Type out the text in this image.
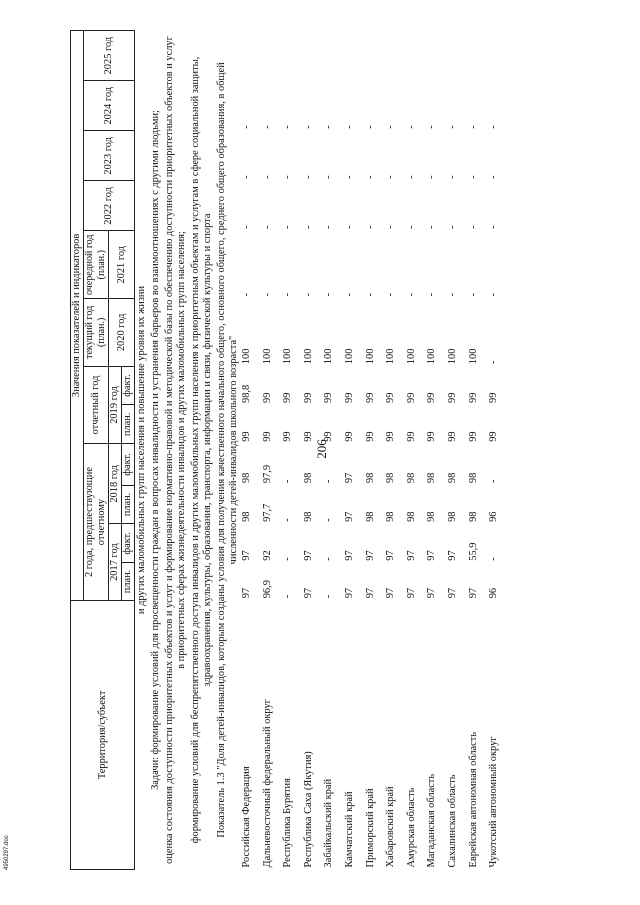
206
4950297.doc
Территория/субъект	Значения показателей и индикаторов											
	2 года, предшествующие отчетному				отчетный год		текущий год (план.)	очередной год (план.)	2022 год	2023 год	2024 год	2025 год
	2017 год		2018 год		2019 год		2020 год	2021 год				
	план.	факт.	план.	факт.	план.	факт.						
и других маломобильных групп населения и повышение уровня их жизни												
Задачи: формирование условий для просвещенности граждан в вопросах инвалидности и устранения барьеров во взаимоотношениях с другими людьми;												
оценка состояния доступности приоритетных объектов и услуг и формирование нормативно-правовой и методической базы по обеспечению доступности приоритетных объектов и услуг в приоритетных сферах жизнедеятельности инвалидов и других маломобильных групп населения;												
формирование условий для беспрепятственного доступа инвалидов и других маломобильных групп населения к приоритетным объектам и услугам в сфере социальной защиты, здравоохранения, культуры, образования, транспорта, информации и связи, физической культуры и спорта												
Показатель 1.3 "Доля детей-инвалидов, которым созданы условия для получения качественного начального общего, основного общего, среднего общего образования, в общей численности детей-инвалидов школьного возраста"												
Российская Федерация	97	97	98	98	99	98,8	100	-	-	-	-	
Дальневосточный федеральный округ	96,9	92	97,7	97,9	99	99	100	-	-	-	-	
Республика Бурятия	-	-	-	-	99	99	100	-	-	-	-	
Республика Саха (Якутия)	97	97	98	98	99	99	100	-	-	-	-	
Забайкальский край	-	-	-	-	99	99	100	-	-	-	-	
Камчатский край	97	97	97	97	99	99	100	-	-	-	-	
Приморский край	97	97	98	98	99	99	100	-	-	-	-	
Хабаровский край	97	97	98	98	99	99	100	-	-	-	-	
Амурская область	97	97	98	98	99	99	100	-	-	-	-	
Магаданская область	97	97	98	98	99	99	100	-	-	-	-	
Сахалинская область	97	97	98	98	99	99	100	-	-	-	-	
Еврейская автономная область	97	55,9	98	98	99	99	100	-	-	-	-	
Чукотский автономный округ	96	-	96	-	99	99	-	-	-	-	-	
